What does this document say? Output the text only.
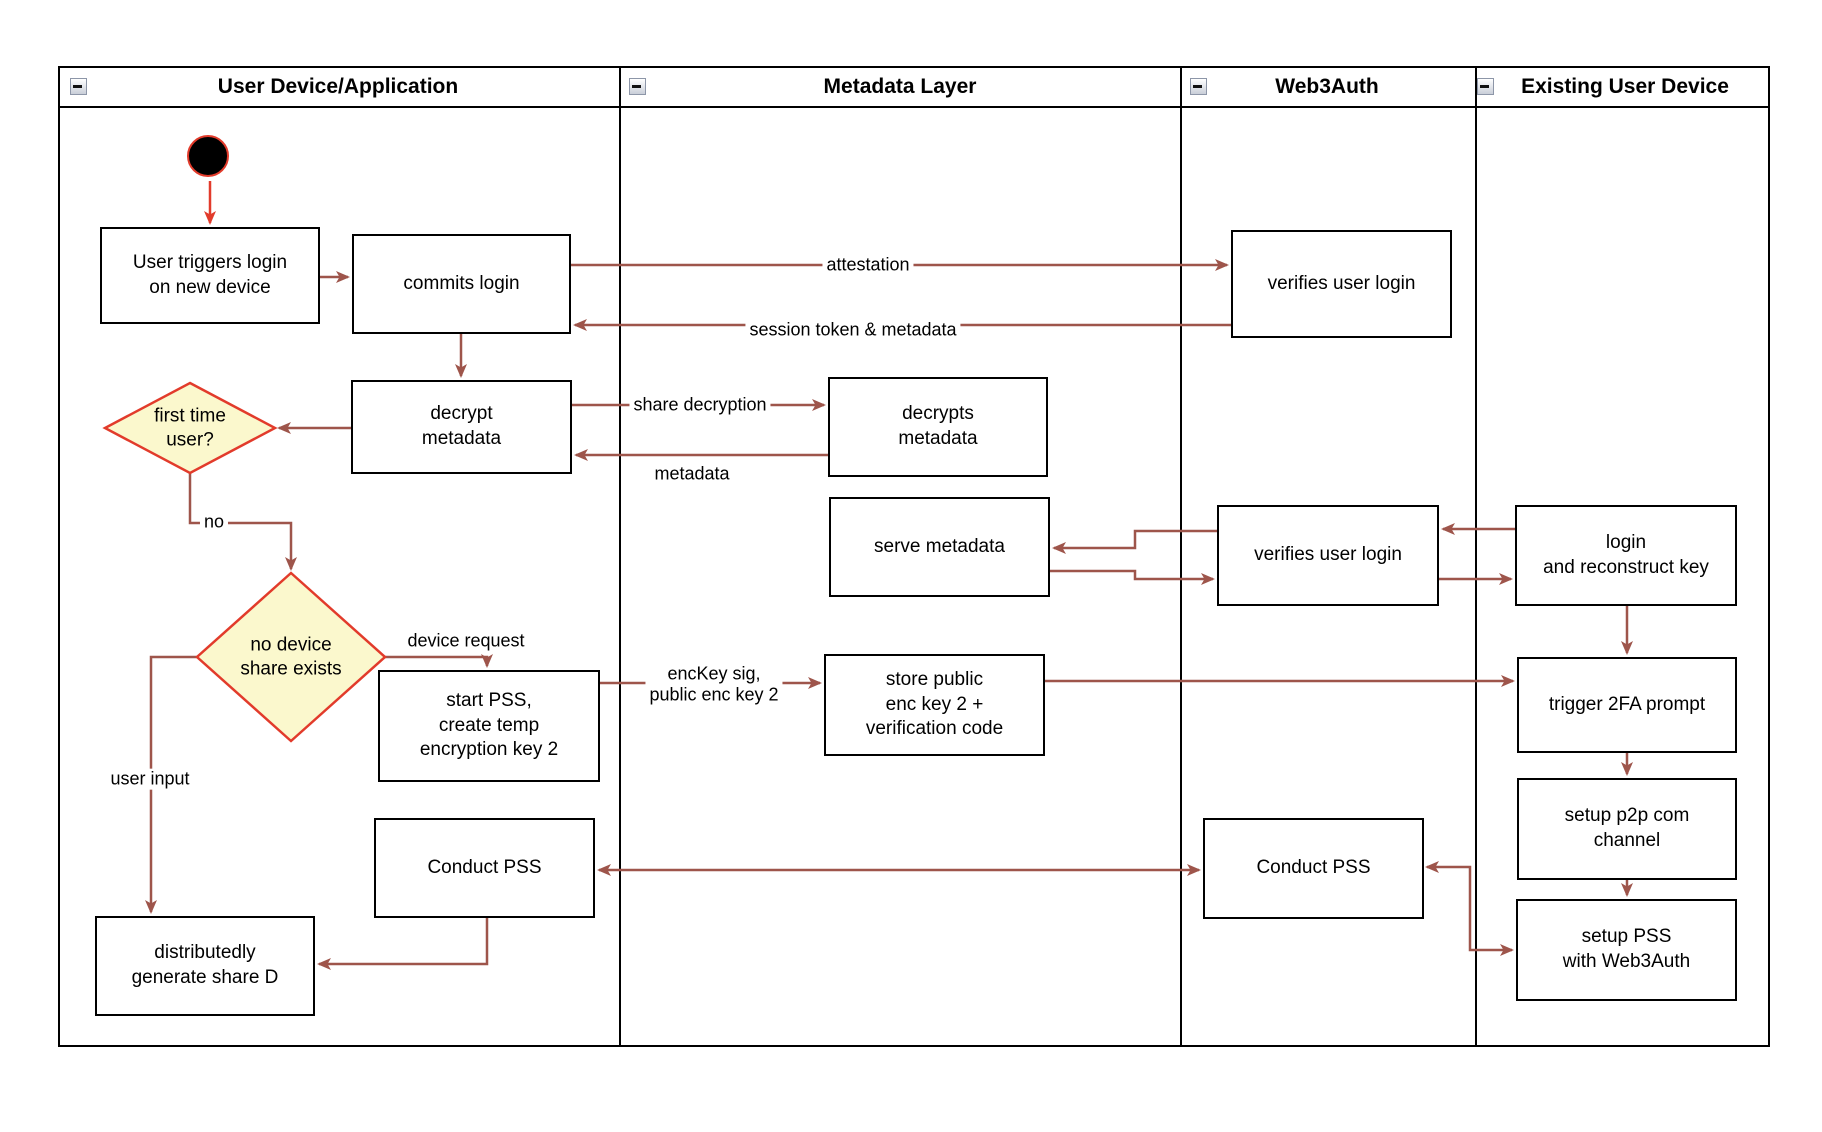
User Device/Application	Metadata Layer	Web3Auth	Existing User Device
User triggers login
on new device	commits login
decrypt
metadata
start PSS,
create temp
encryption key 2
Conduct PSS
distributedly
generate share D
decrypts
metadata
serve metadata
store public
enc key 2 +
verification code
verifies user login
verifies user login
Conduct PSS
login
and reconstruct key
trigger 2FA prompt
setup p2p com
channel
setup PSS
with Web3Auth
first time
user?
no device
share exists
attestation
session token & metadata
share decryption
metadata
no
device request
encKey sig,
public enc key 2
user input
